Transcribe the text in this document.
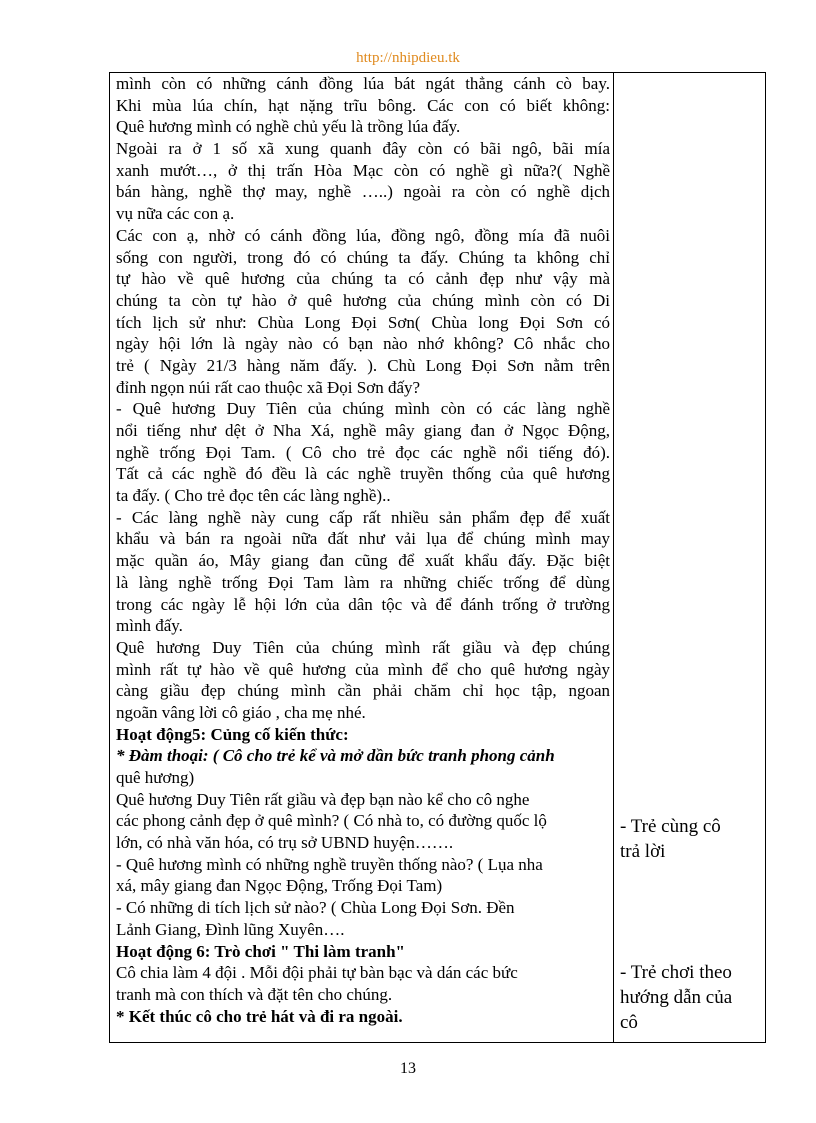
http://nhipdieu.tk
mình còn có những cánh đồng lúa bát ngát thẳng cánh cò bay.
Khi mùa lúa chín, hạt nặng trĩu bông. Các con có biết không:
Quê hương mình có nghề chủ yếu là trồng lúa đấy.
Ngoài ra ở 1 số xã xung quanh đây còn có bãi ngô, bãi mía
xanh mướt…, ở thị trấn Hòa Mạc còn có nghề gì nữa?( Nghề
bán hàng, nghề thợ may, nghề …..) ngoài ra còn có nghề dịch
vụ nữa các con ạ.
Các con ạ, nhờ có cánh đồng lúa, đồng ngô, đồng mía đã nuôi
sống con người, trong đó có chúng ta đấy. Chúng ta không chỉ
tự hào về quê hương của chúng ta có cảnh đẹp như vậy mà
chúng ta còn tự hào ở quê hương của chúng mình còn có Di
tích lịch sử như: Chùa Long Đọi Sơn( Chùa long Đọi Sơn có
ngày hội lớn là ngày nào có bạn nào nhớ không? Cô nhắc cho
trẻ ( Ngày 21/3 hàng năm đấy. ). Chù Long Đọi Sơn nằm trên
đỉnh ngọn núi rất cao thuộc xã Đọi Sơn đấy?
- Quê hương Duy Tiên của chúng mình còn có các làng nghề
nổi tiếng như dệt ở Nha Xá, nghề mây giang đan ở Ngọc Động,
nghề trống Đọi Tam. ( Cô cho trẻ đọc các nghề nổi tiếng đó).
Tất cả các nghề đó đều là các nghề truyền thống của quê hương
ta đấy. ( Cho trẻ đọc tên các làng nghề)..
- Các làng nghề này cung cấp rất nhiều sản phẩm đẹp để xuất
khẩu và bán ra ngoài nữa đất như vải lụa để chúng mình may
mặc quần áo, Mây giang đan cũng để xuất khẩu đấy. Đặc biệt
là làng nghề trống Đọi Tam làm ra những chiếc trống để dùng
trong các ngày lễ hội lớn của dân tộc và để đánh trống ở trường
mình đấy.
Quê hương Duy Tiên của chúng mình rất giầu và đẹp chúng
mình rất tự hào về quê hương của mình để cho quê hương ngày
càng giầu đẹp chúng mình cần phải chăm chỉ học tập, ngoan
ngoãn vâng lời cô giáo , cha mẹ nhé.
Hoạt động5: Củng cố kiến thức:
* Đàm thoại: ( Cô cho trẻ kể và mở dần bức tranh phong cảnh
quê hương)
Quê hương Duy Tiên rất giầu và đẹp bạn nào kể cho cô nghe
các phong cảnh đẹp ở quê mình? ( Có nhà to, có đường quốc lộ
lớn, có nhà văn hóa, có trụ sở UBND huyện…….
- Quê hương mình có những nghề truyền thống nào? ( Lụa nha
xá, mây giang đan Ngọc Động, Trống Đọi Tam)
- Có những di tích lịch sử nào? ( Chùa Long Đọi Sơn. Đền
Lảnh Giang, Đình lũng Xuyên….
Hoạt động 6: Trò chơi " Thi làm tranh"
Cô chia làm 4 đội . Mỗi đội phải tự bàn bạc và dán các bức
tranh mà con thích và đặt tên cho chúng.
* Kết thúc cô cho trẻ hát và đi ra ngoài.
- Trẻ cùng cô
trả lời
- Trẻ chơi theo
hướng dẫn của
cô
13
